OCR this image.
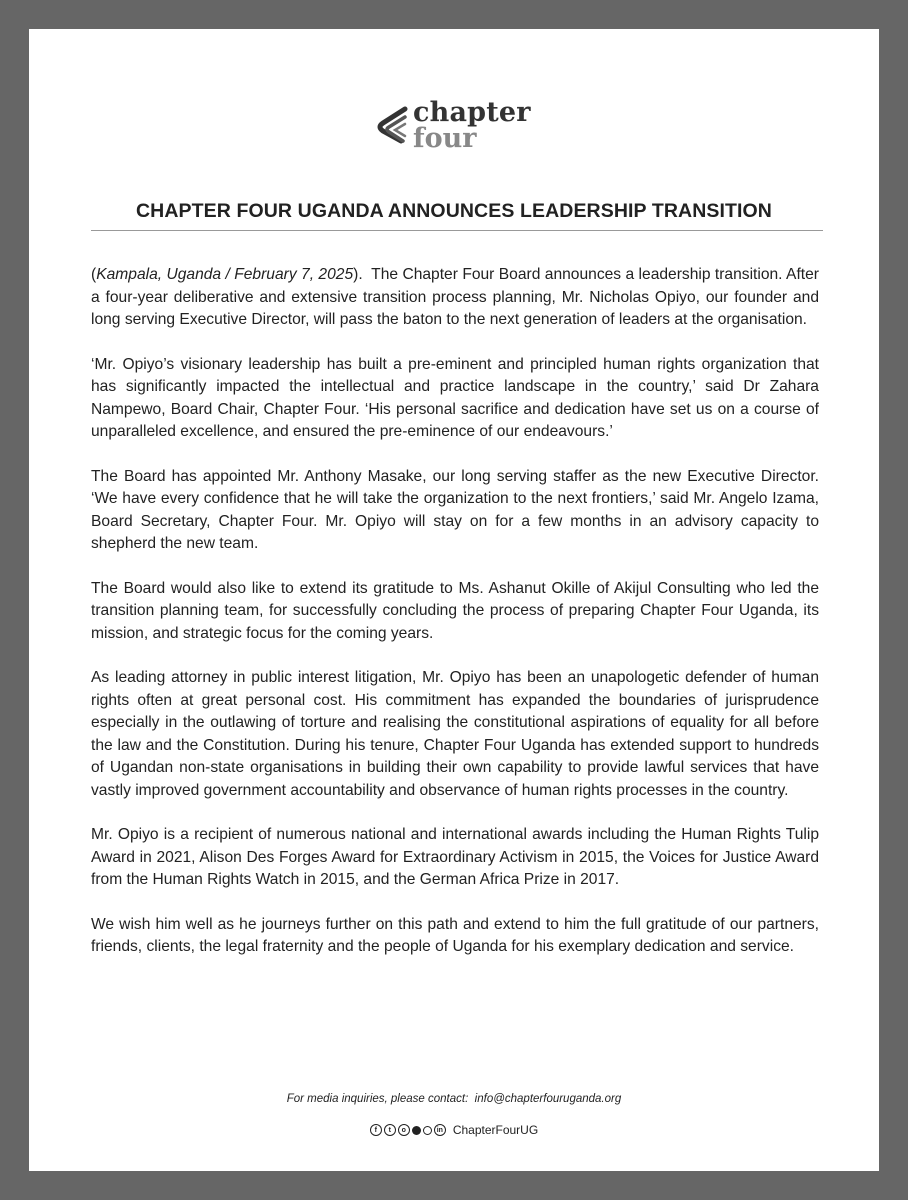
chapter
four
CHAPTER FOUR UGANDA ANNOUNCES LEADERSHIP TRANSITION

(Kampala, Uganda / February 7, 2025).  The Chapter Four Board announces a leadership transition. After a four-year deliberative and extensive transition process planning, Mr. Nicholas Opiyo, our founder and long serving Executive Director, will pass the baton to the next generation of leaders at the organisation.

‘Mr. Opiyo’s visionary leadership has built a pre-eminent and principled human rights organization that has significantly impacted the intellectual and practice landscape in the country,’ said Dr Zahara Nampewo, Board Chair, Chapter Four. ‘His personal sacrifice and dedication have set us on a course of unparalleled excellence, and ensured the pre-eminence of our endeavours.’

The Board has appointed Mr. Anthony Masake, our long serving staffer as the new Executive Director. ‘We have every confidence that he will take the organization to the next frontiers,’ said Mr. Angelo Izama, Board Secretary, Chapter Four. Mr. Opiyo will stay on for a few months in an advisory capacity to shepherd the new team.

The Board would also like to extend its gratitude to Ms. Ashanut Okille of Akijul Consulting who led the transition planning team, for successfully concluding the process of preparing Chapter Four Uganda, its mission, and strategic focus for the coming years.

As leading attorney in public interest litigation, Mr. Opiyo has been an unapologetic defender of human rights often at great personal cost. His commitment has expanded the boundaries of jurisprudence especially in the outlawing of torture and realising the constitutional aspirations of equality for all before the law and the Constitution. During his tenure, Chapter Four Uganda has extended support to hundreds of Ugandan non-state organisations in building their own capability to provide lawful services that have vastly improved government accountability and observance of human rights processes in the country.

Mr. Opiyo is a recipient of numerous national and international awards including the Human Rights Tulip Award in 2021, Alison Des Forges Award for Extraordinary Activism in 2015, the Voices for Justice Award from the Human Rights Watch in 2015, and the German Africa Prize in 2017.

We wish him well as he journeys further on this path and extend to him the full gratitude of our partners, friends, clients, the legal fraternity and the people of Uganda for his exemplary dedication and service.

For media inquiries, please contact: info@chapterfouruganda.org
f	t	o	in ChapterFourUG
